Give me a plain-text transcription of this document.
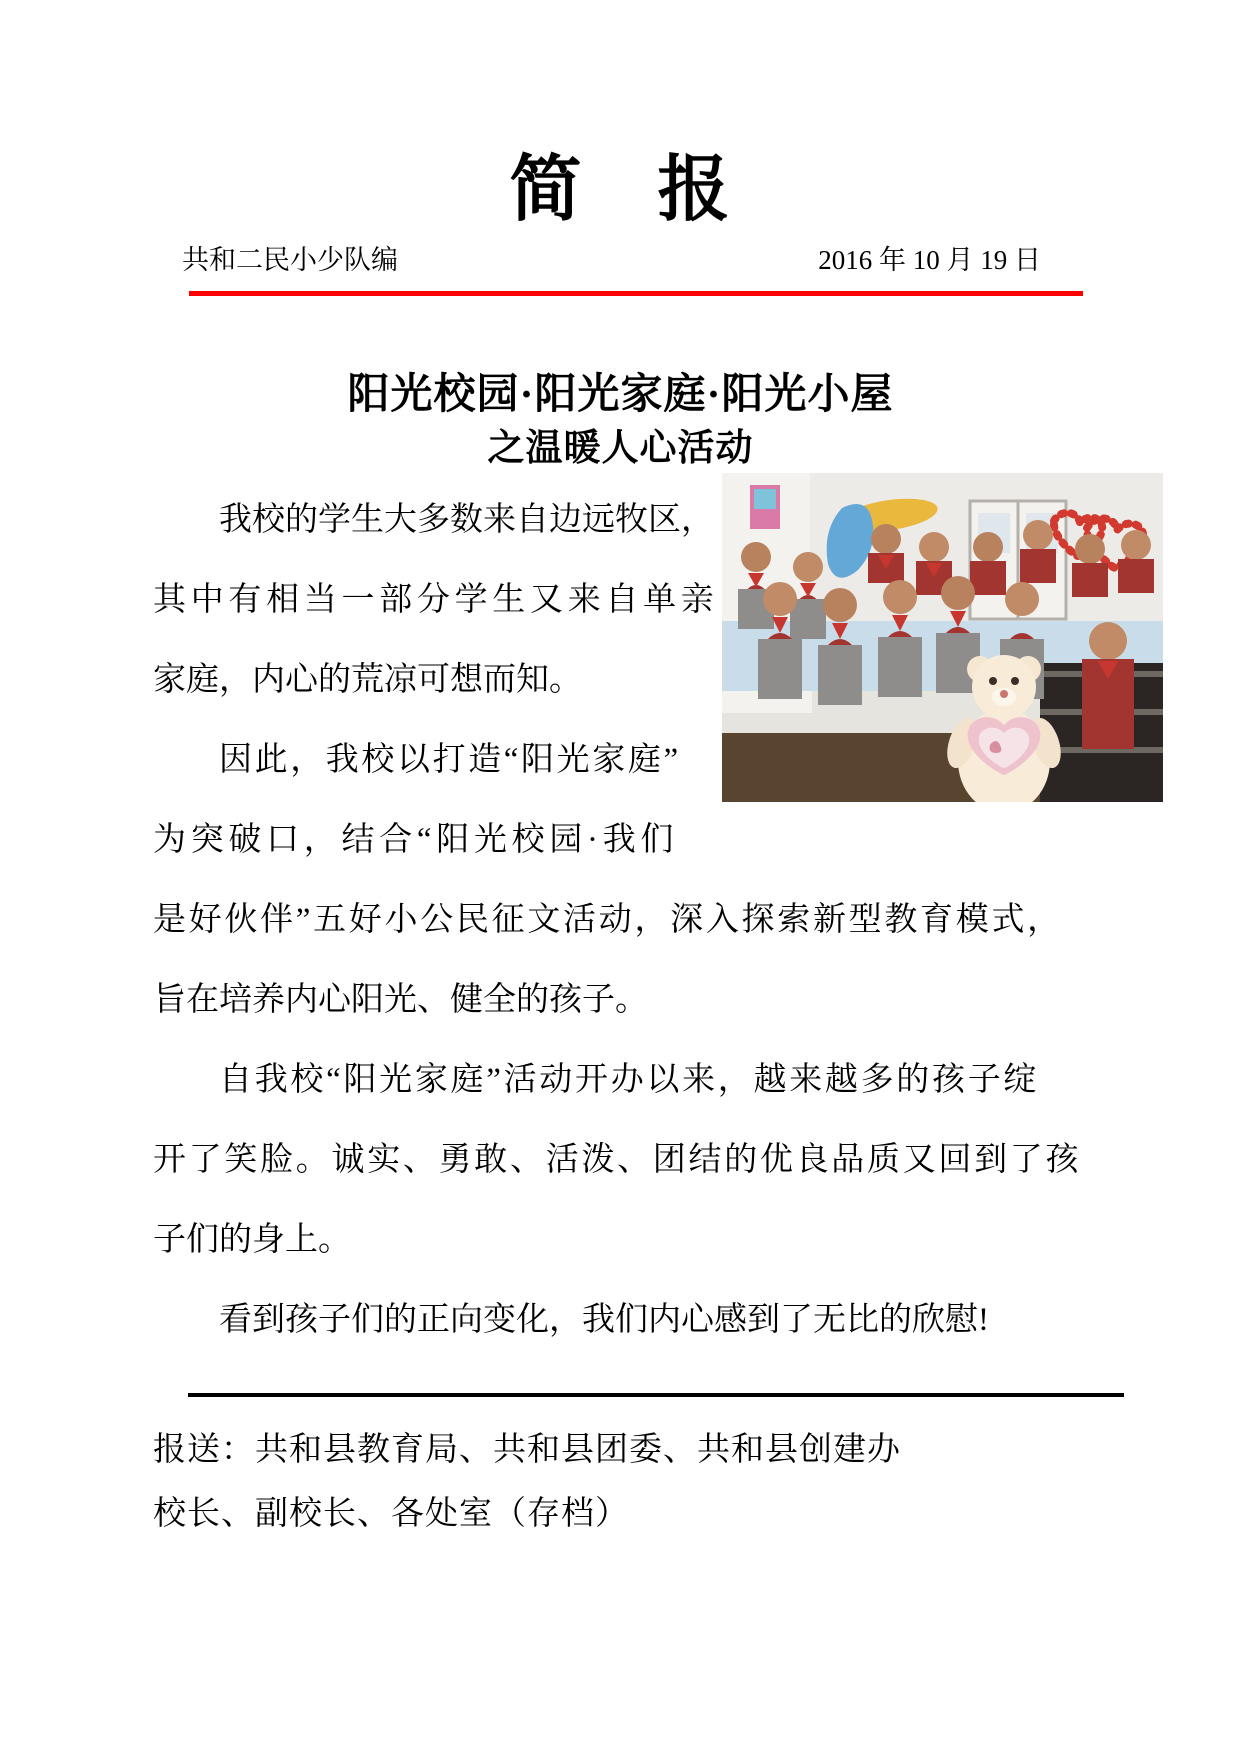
简　报
共和二民小少队编	2016 年 10 月 19 日
阳光校园·阳光家庭·阳光小屋
之温暖人心活动
我校的学生大多数来自边远牧区，
其中有相当一部分学生又来自单亲
家庭，内心的荒凉可想而知。
因此，我校以打造“阳光家庭”
为突破口，结合“阳光校园·我们
是好伙伴”五好小公民征文活动，深入探索新型教育模式，
旨在培养内心阳光、健全的孩子。
自我校“阳光家庭”活动开办以来，越来越多的孩子绽
开了笑脸。诚实、勇敢、活泼、团结的优良品质又回到了孩
子们的身上。
看到孩子们的正向变化，我们内心感到了无比的欣慰!
报送：共和县教育局、共和县团委、共和县创建办
校长、副校长、各处室（存档）
